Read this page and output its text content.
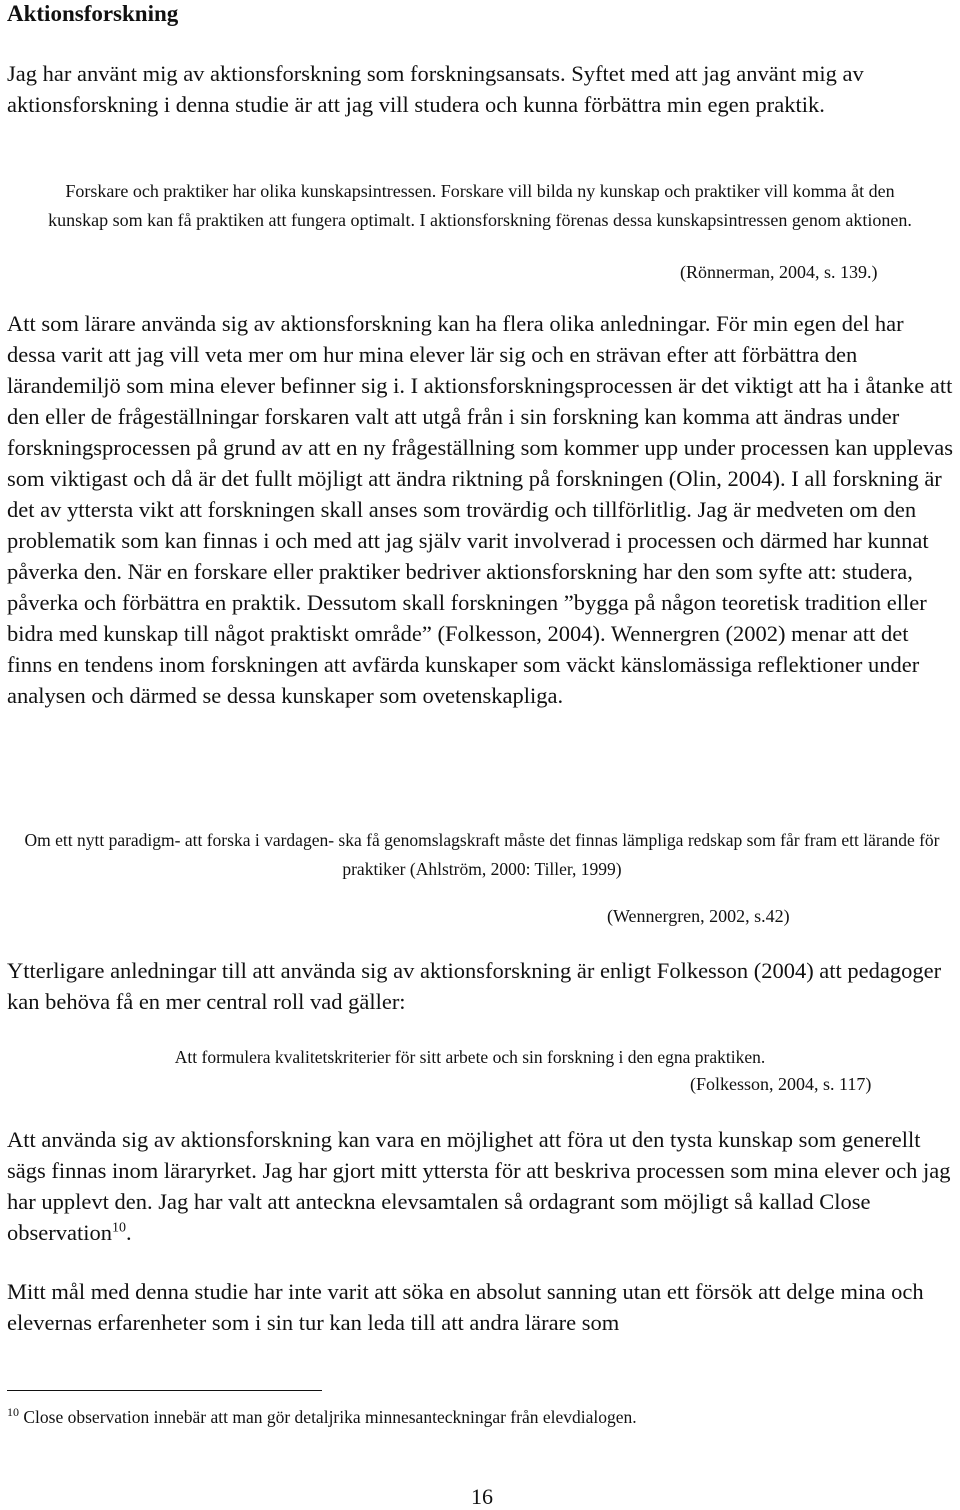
Aktionsforskning

Jag har använt mig av aktionsforskning som forskningsansats. Syftet med att jag använt mig av aktionsforskning i denna studie är att jag vill studera och kunna förbättra min egen praktik.

Forskare och praktiker har olika kunskapsintressen. Forskare vill bilda ny kunskap och praktiker vill komma åt den kunskap som kan få praktiken att fungera optimalt. I aktionsforskning förenas dessa kunskapsintressen genom aktionen.

(Rönnerman, 2004, s. 139.)

Att som lärare använda sig av aktionsforskning kan ha flera olika anledningar. För min egen del har dessa varit att jag vill veta mer om hur mina elever lär sig och en strävan efter att förbättra den lärandemiljö som mina elever befinner sig i. I aktionsforskningsprocessen är det viktigt att ha i åtanke att den eller de frågeställningar forskaren valt att utgå från i sin forskning kan komma att ändras under forskningsprocessen på grund av att en ny frågeställning som kommer upp under processen kan upplevas som viktigast och då är det fullt möjligt att ändra riktning på forskningen (Olin, 2004). I all forskning är det av yttersta vikt att forskningen skall anses som trovärdig och tillförlitlig. Jag är medveten om den problematik som kan finnas i och med att jag själv varit involverad i processen och därmed har kunnat påverka den. När en forskare eller praktiker bedriver aktionsforskning har den som syfte att: studera, påverka och förbättra en praktik. Dessutom skall forskningen ”bygga på någon teoretisk tradition eller bidra med kunskap till något praktiskt område” (Folkesson, 2004). Wennergren (2002) menar att det finns en tendens inom forskningen att avfärda kunskaper som väckt känslomässiga reflektioner under analysen och därmed se dessa kunskaper som ovetenskapliga.

Om ett nytt paradigm- att forska i vardagen- ska få genomslagskraft måste det finnas lämpliga redskap som får fram ett lärande för praktiker (Ahlström, 2000: Tiller, 1999)

(Wennergren, 2002, s.42)

Ytterligare anledningar till att använda sig av aktionsforskning är enligt Folkesson (2004) att pedagoger kan behöva få en mer central roll vad gäller:

Att formulera kvalitetskriterier för sitt arbete och sin forskning i den egna praktiken.

(Folkesson, 2004, s. 117)

Att använda sig av aktionsforskning kan vara en möjlighet att föra ut den tysta kunskap som generellt sägs finnas inom läraryrket. Jag har gjort mitt yttersta för att beskriva processen som mina elever och jag har upplevt den. Jag har valt att anteckna elevsamtalen så ordagrant som möjligt så kallad Close observation$^{10}$.

Mitt mål med denna studie har inte varit att söka en absolut sanning utan ett försök att delge mina och elevernas erfarenheter som i sin tur kan leda till att andra lärare som

$^{10}$ Close observation innebär att man gör detaljrika minnesanteckningar från elevdialogen.

16
